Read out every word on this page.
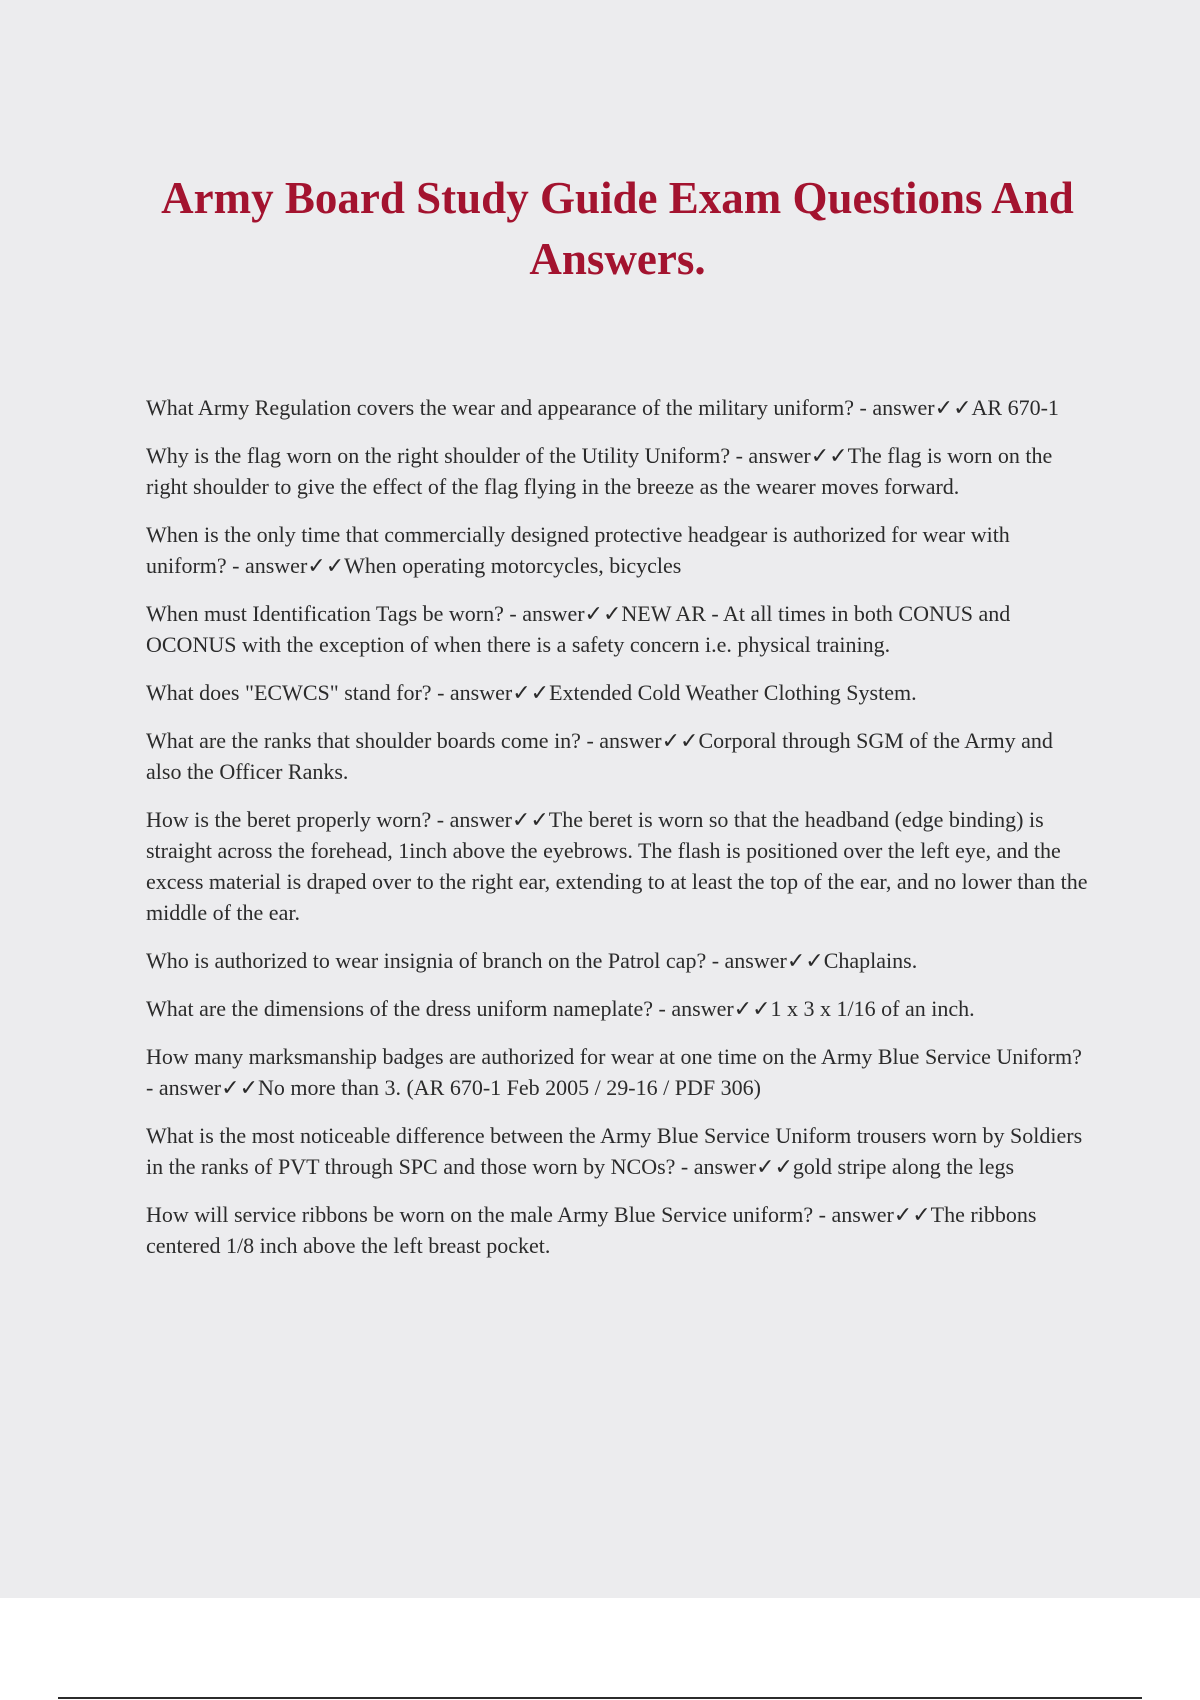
Army Board Study Guide Exam Questions And Answers.

What Army Regulation covers the wear and appearance of the military uniform? - answer✓✓AR 670-1

Why is the flag worn on the right shoulder of the Utility Uniform? - answer✓✓The flag is worn on the right shoulder to give the effect of the flag flying in the breeze as the wearer moves forward.

When is the only time that commercially designed protective headgear is authorized for wear with uniform? - answer✓✓When operating motorcycles, bicycles

When must Identification Tags be worn? - answer✓✓NEW AR - At all times in both CONUS and OCONUS with the exception of when there is a safety concern i.e. physical training.

What does "ECWCS" stand for? - answer✓✓Extended Cold Weather Clothing System.

What are the ranks that shoulder boards come in? - answer✓✓Corporal through SGM of the Army and also the Officer Ranks.

How is the beret properly worn? - answer✓✓The beret is worn so that the headband (edge binding) is straight across the forehead, 1inch above the eyebrows. The flash is positioned over the left eye, and the excess material is draped over to the right ear, extending to at least the top of the ear, and no lower than the middle of the ear.

Who is authorized to wear insignia of branch on the Patrol cap? - answer✓✓Chaplains.

What are the dimensions of the dress uniform nameplate? - answer✓✓1 x 3 x 1/16 of an inch.

How many marksmanship badges are authorized for wear at one time on the Army Blue Service Uniform? - answer✓✓No more than 3. (AR 670-1 Feb 2005 / 29-16 / PDF 306)

What is the most noticeable difference between the Army Blue Service Uniform trousers worn by Soldiers in the ranks of PVT through SPC and those worn by NCOs? - answer✓✓gold stripe along the legs

How will service ribbons be worn on the male Army Blue Service uniform? - answer✓✓The ribbons centered 1/8 inch above the left breast pocket.
